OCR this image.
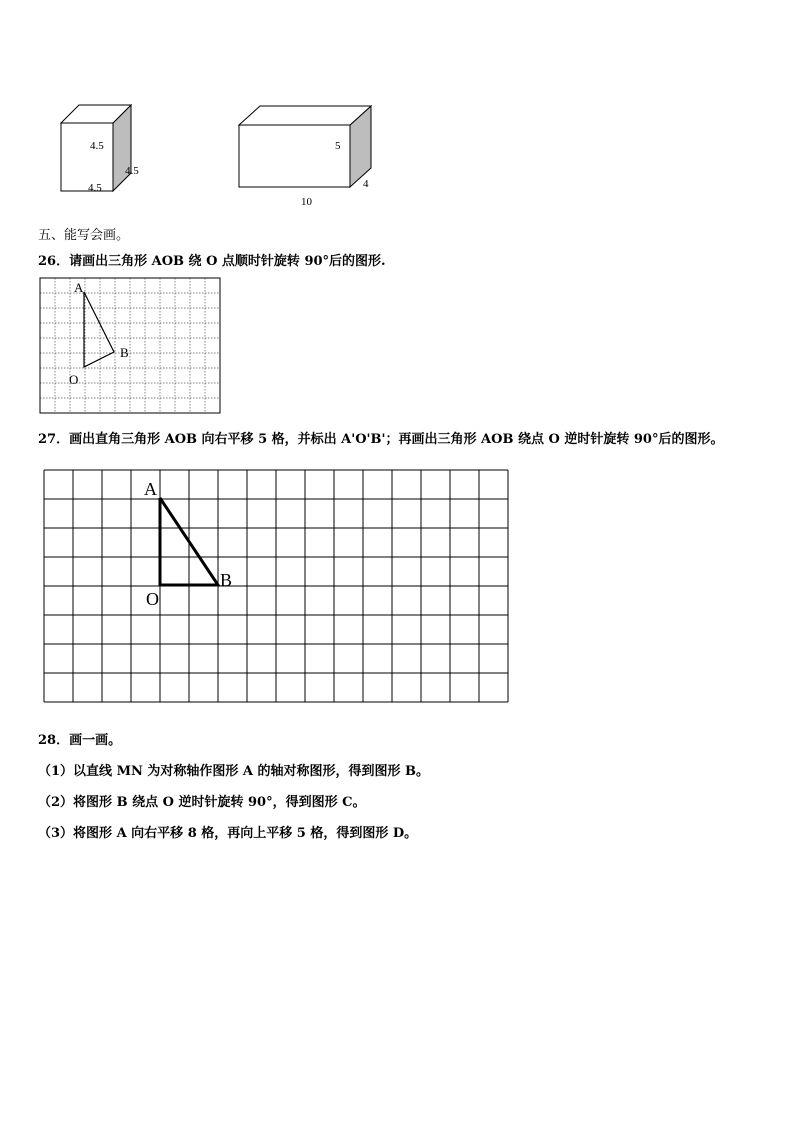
4.5
4.5
4.5
5
4
10
五、能写会画。
26．请画出三角形 AOB 绕 O 点顺时针旋转 90°后的图形.
A
B
O
27．画出直角三角形 AOB 向右平移 5 格，并标出 A'O'B'；再画出三角形 AOB 绕点 O 逆时针旋转 90°后的图形。
A
B
O
28．画一画。
（1）以直线 MN 为对称轴作图形 A 的轴对称图形，得到图形 B。
（2）将图形 B 绕点 O 逆时针旋转 90°，得到图形 C。
（3）将图形 A 向右平移 8 格，再向上平移 5 格，得到图形 D。
